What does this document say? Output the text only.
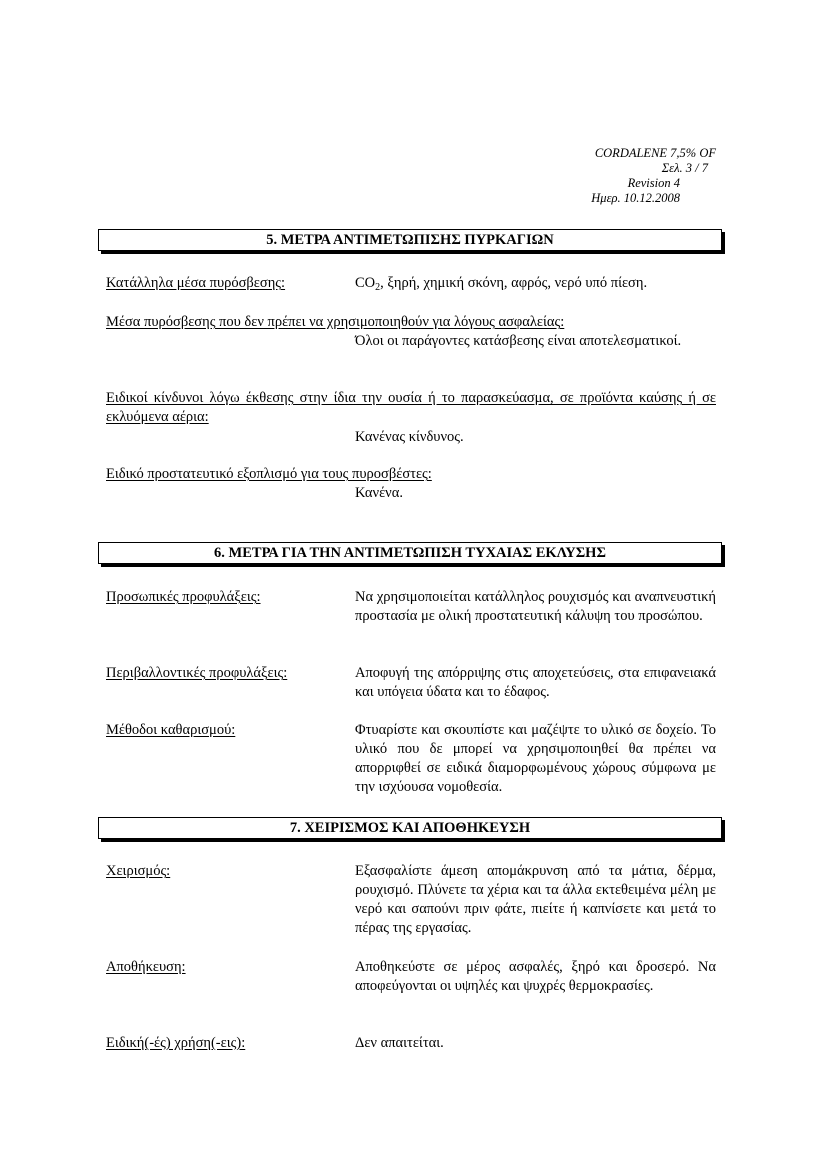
CORDALENE 7,5% OF
Σελ. 3 / 7
Revision 4
Ημερ. 10.12.2008
5. ΜΕΤΡΑ ΑΝΤΙΜΕΤΩΠΙΣΗΣ ΠΥΡΚΑΓΙΩΝ
Κατάλληλα μέσα πυρόσβεσης:	$CO_2$, ξηρή, χημική σκόνη, αφρός, νερό υπό πίεση.
Μέσα πυρόσβεσης που δεν πρέπει να χρησιμοποιηθούν για λόγους ασφαλείας:
Όλοι οι παράγοντες κατάσβεσης είναι αποτελεσματικοί.
Ειδικοί κίνδυνοι λόγω έκθεσης στην ίδια την ουσία ή το παρασκεύασμα, σε προϊόντα καύσης ή σε εκλυόμενα αέρια:
Κανένας κίνδυνος.
Ειδικό προστατευτικό εξοπλισμό για τους πυροσβέστες:
Κανένα.
6. ΜΕΤΡΑ ΓΙΑ ΤΗΝ ΑΝΤΙΜΕΤΩΠΙΣΗ ΤΥΧΑΙΑΣ ΕΚΛΥΣΗΣ
Προσωπικές προφυλάξεις:	Να χρησιμοποιείται κατάλληλος ρουχισμός και αναπνευστική προστασία με ολική προστατευτική κάλυψη του προσώπου.
Περιβαλλοντικές προφυλάξεις:	Αποφυγή της απόρριψης στις αποχετεύσεις, στα επιφανειακά και υπόγεια ύδατα και το έδαφος.
Μέθοδοι καθαρισμού:	Φτυαρίστε και σκουπίστε και μαζέψτε το υλικό σε δοχείο. Το υλικό που δε μπορεί να χρησιμοποιηθεί θα πρέπει να απορριφθεί σε ειδικά διαμορφωμένους χώρους σύμφωνα με την ισχύουσα νομοθεσία.
7. ΧΕΙΡΙΣΜΟΣ ΚΑΙ ΑΠΟΘΗΚΕΥΣΗ
Χειρισμός:	Εξασφαλίστε άμεση απομάκρυνση από τα μάτια, δέρμα, ρουχισμό. Πλύνετε τα χέρια και τα άλλα εκτεθειμένα μέλη με νερό και σαπούνι πριν φάτε, πιείτε ή καπνίσετε και μετά το πέρας της εργασίας.
Αποθήκευση:	Αποθηκεύστε σε μέρος ασφαλές, ξηρό και δροσερό. Να αποφεύγονται οι υψηλές και ψυχρές θερμοκρασίες.
Ειδική(-ές) χρήση(-εις):	Δεν απαιτείται.
